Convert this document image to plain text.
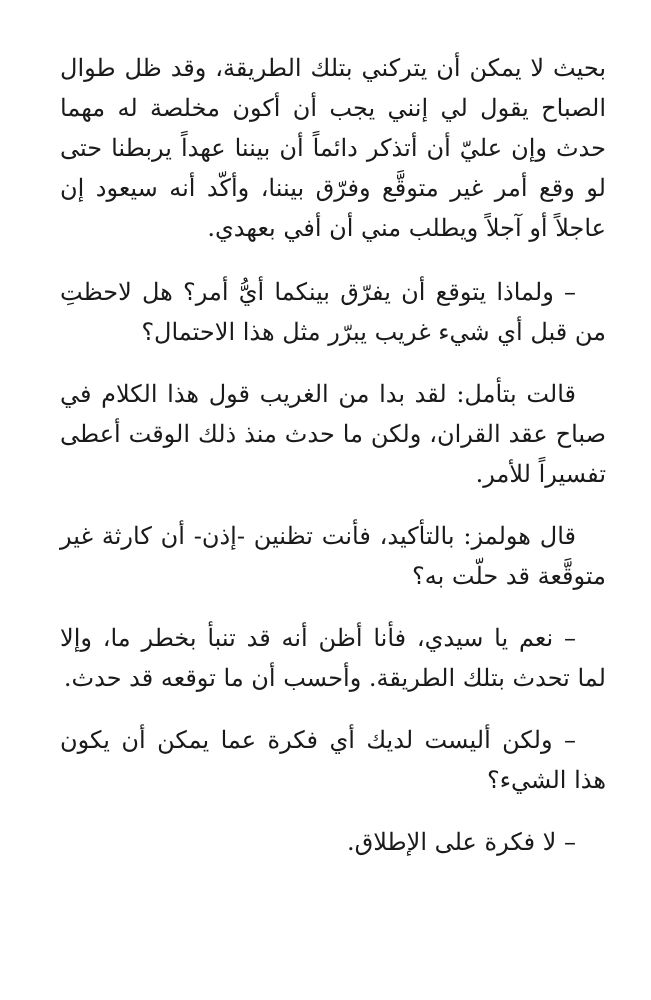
بحيث لا يمكن أن يتركني بتلك الطريقة، وقد ظل طوال الصباح يقول لي إنني يجب أن أكون مخلصة له مهما حدث وإن عليّ أن أتذكر دائماً أن بيننا عهداً يربطنا حتى لو وقع أمر غير متوقَّع وفرّق بيننا، وأكّد أنه سيعود إن عاجلاً أو آجلاً ويطلب مني أن أفي بعهدي.

– ولماذا يتوقع أن يفرّق بينكما أيُّ أمر؟ هل لاحظتِ من قبل أي شيء غريب يبرّر مثل هذا الاحتمال؟

قالت بتأمل: لقد بدا من الغريب قول هذا الكلام في صباح عقد القران، ولكن ما حدث منذ ذلك الوقت أعطى تفسيراً للأمر.

قال هولمز: بالتأكيد، فأنت تظنين -إذن- أن كارثة غير متوقَّعة قد حلّت به؟

– نعم يا سيدي، فأنا أظن أنه قد تنبأ بخطر ما، وإلا لما تحدث بتلك الطريقة. وأحسب أن ما توقعه قد حدث.

– ولكن أليست لديك أي فكرة عما يمكن أن يكون هذا الشيء؟

– لا فكرة على الإطلاق.
